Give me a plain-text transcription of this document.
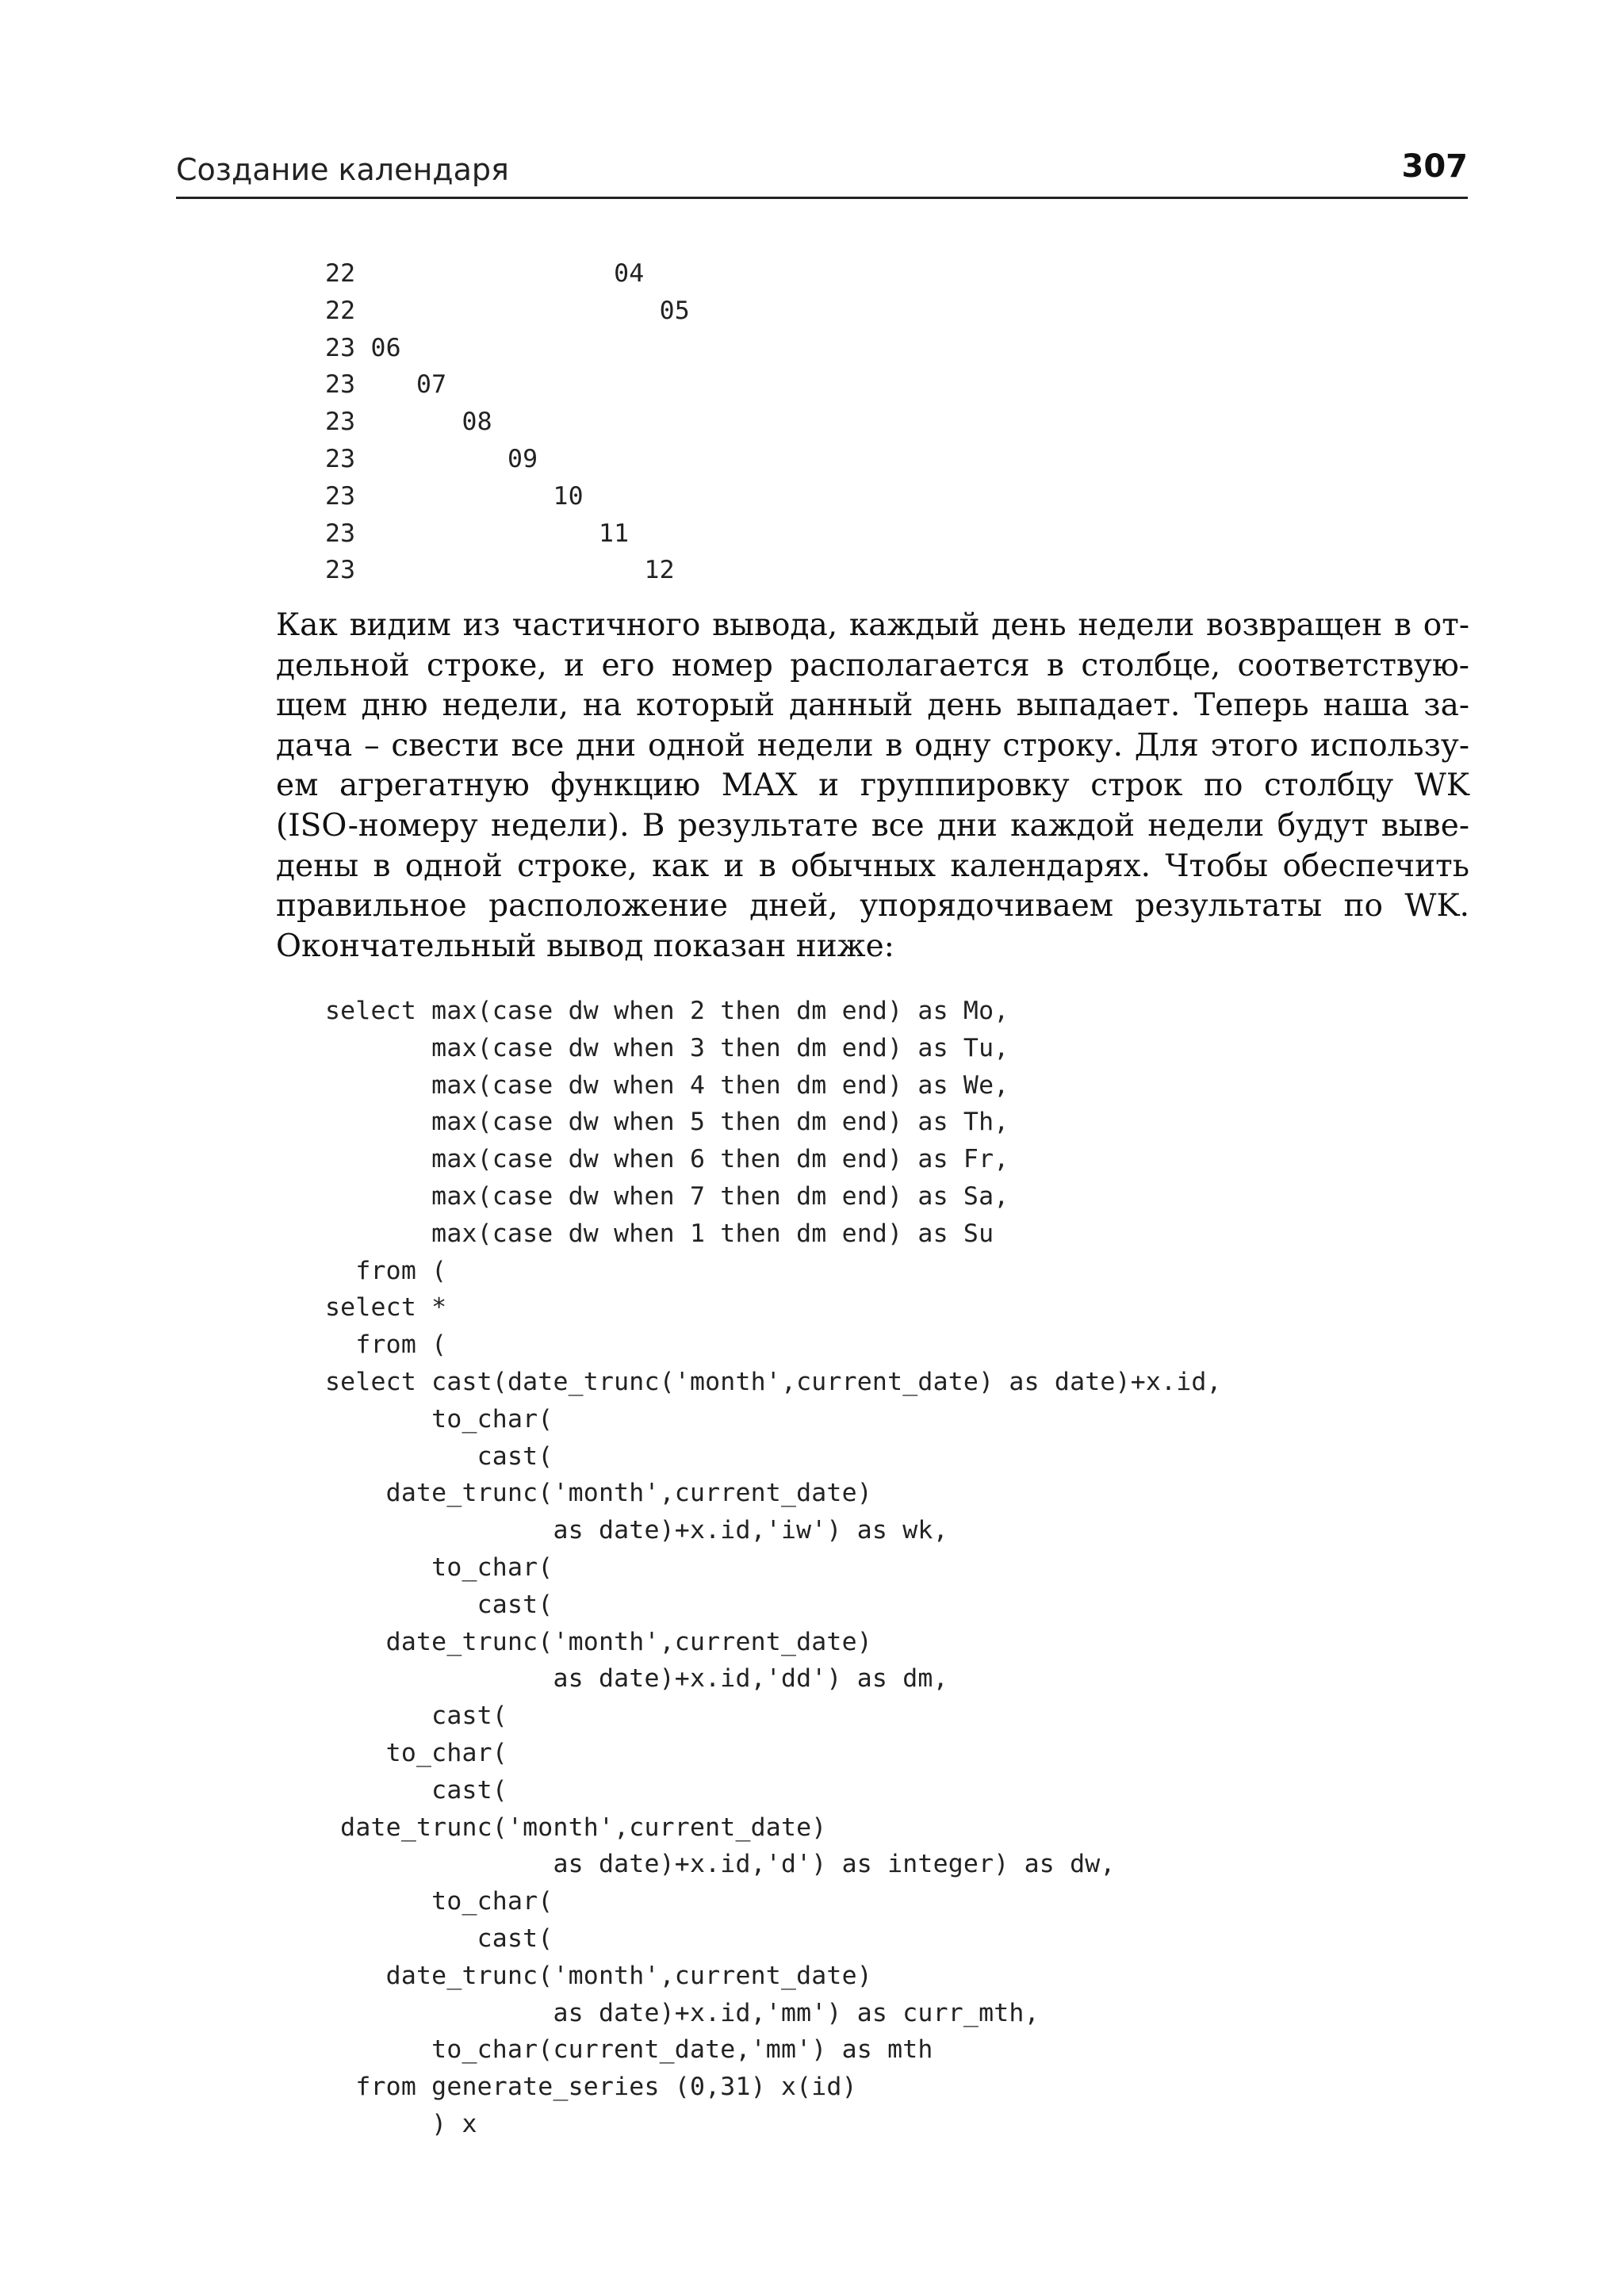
Создание календаря	307
22                 04
22                    05
23 06
23    07
23       08
23          09
23             10
23                11
23                   12
Как видим из частичного вывода, каждый день недели возвращен в от-
дельной строке, и его номер располагается в столбце, соответствую-
щем дню недели, на который данный день выпадает. Теперь наша за-
дача – свести все дни одной недели в одну строку. Для этого использу-
ем агрегатную функцию MAX и группировку строк по столбцу WK
(ISO-номеру недели). В результате все дни каждой недели будут выве-
дены в одной строке, как и в обычных календарях. Чтобы обеспечить
правильное расположение дней, упорядочиваем результаты по WK.
Окончательный вывод показан ниже:
select max(case dw when 2 then dm end) as Mo,
max(case dw when 3 then dm end) as Tu,
max(case dw when 4 then dm end) as We,
max(case dw when 5 then dm end) as Th,
max(case dw when 6 then dm end) as Fr,
max(case dw when 7 then dm end) as Sa,
max(case dw when 1 then dm end) as Su
from (
select *
from (
select cast(date_trunc('month',current_date) as date)+x.id,
to_char(
cast(
date_trunc('month',current_date)
as date)+x.id,'iw') as wk,
to_char(
cast(
date_trunc('month',current_date)
as date)+x.id,'dd') as dm,
cast(
to_char(
cast(
date_trunc('month',current_date)
as date)+x.id,'d') as integer) as dw,
to_char(
cast(
date_trunc('month',current_date)
as date)+x.id,'mm') as curr_mth,
to_char(current_date,'mm') as mth
from generate_series (0,31) x(id)
) x
